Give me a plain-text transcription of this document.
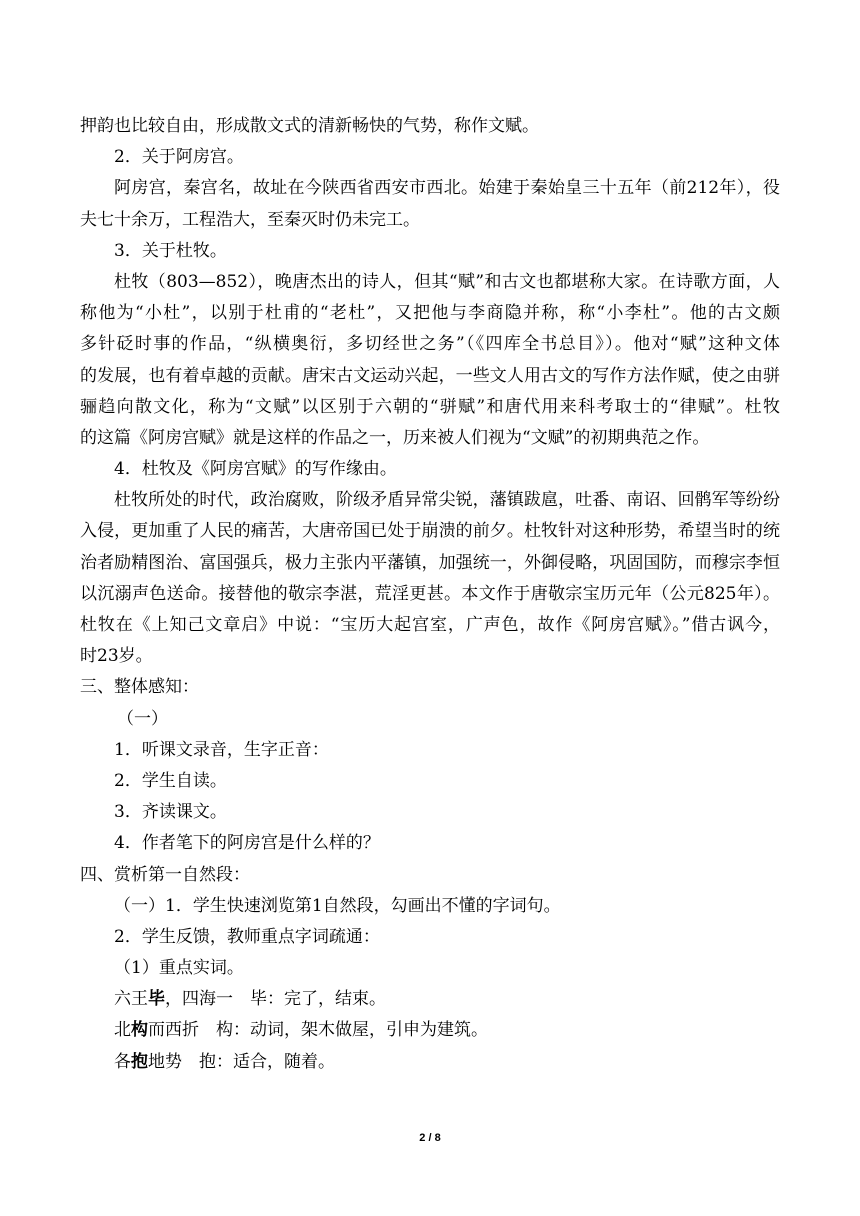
押韵也比较自由，形成散文式的清新畅快的气势，称作文赋。

2．关于阿房宫。

阿房宫，秦宫名，故址在今陕西省西安市西北。始建于秦始皇三十五年（前212年），役

夫七十余万，工程浩大，至秦灭时仍未完工。

3．关于杜牧。

杜牧（803—852），晚唐杰出的诗人，但其“赋”和古文也都堪称大家。在诗歌方面，人

称他为“小杜”，以别于杜甫的“老杜”，又把他与李商隐并称，称“小李杜”。他的古文颇

多针砭时事的作品，“纵横奥衍，多切经世之务”（《四库全书总目》）。他对“赋”这种文体

的发展，也有着卓越的贡献。唐宋古文运动兴起，一些文人用古文的写作方法作赋，使之由骈

骊趋向散文化，称为“文赋”以区别于六朝的“骈赋”和唐代用来科考取士的“律赋”。杜牧

的这篇《阿房宫赋》就是这样的作品之一，历来被人们视为“文赋”的初期典范之作。

4．杜牧及《阿房宫赋》的写作缘由。

杜牧所处的时代，政治腐败，阶级矛盾异常尖锐，藩镇跋扈，吐番、南诏、回鹘军等纷纷

入侵，更加重了人民的痛苦，大唐帝国已处于崩溃的前夕。杜牧针对这种形势，希望当时的统

治者励精图治、富国强兵，极力主张内平藩镇，加强统一，外御侵略，巩固国防，而穆宗李恒

以沉溺声色送命。接替他的敬宗李湛，荒淫更甚。本文作于唐敬宗宝历元年（公元825年）。

杜牧在《上知己文章启》中说：“宝历大起宫室，广声色，故作《阿房宫赋》。”借古讽今，

时23岁。

三、整体感知：

（一）

1．听课文录音，生字正音：

2．学生自读。

3．齐读课文。

4．作者笔下的阿房宫是什么样的？

四、赏析第一自然段：

（一）1．学生快速浏览第1自然段，勾画出不懂的字词句。

2．学生反馈，教师重点字词疏通：

（1）重点实词。

六王毕，四海一　毕：完了，结束。

北构而西折　构：动词，架木做屋，引申为建筑。

各抱地势　抱：适合，随着。

2 / 8
